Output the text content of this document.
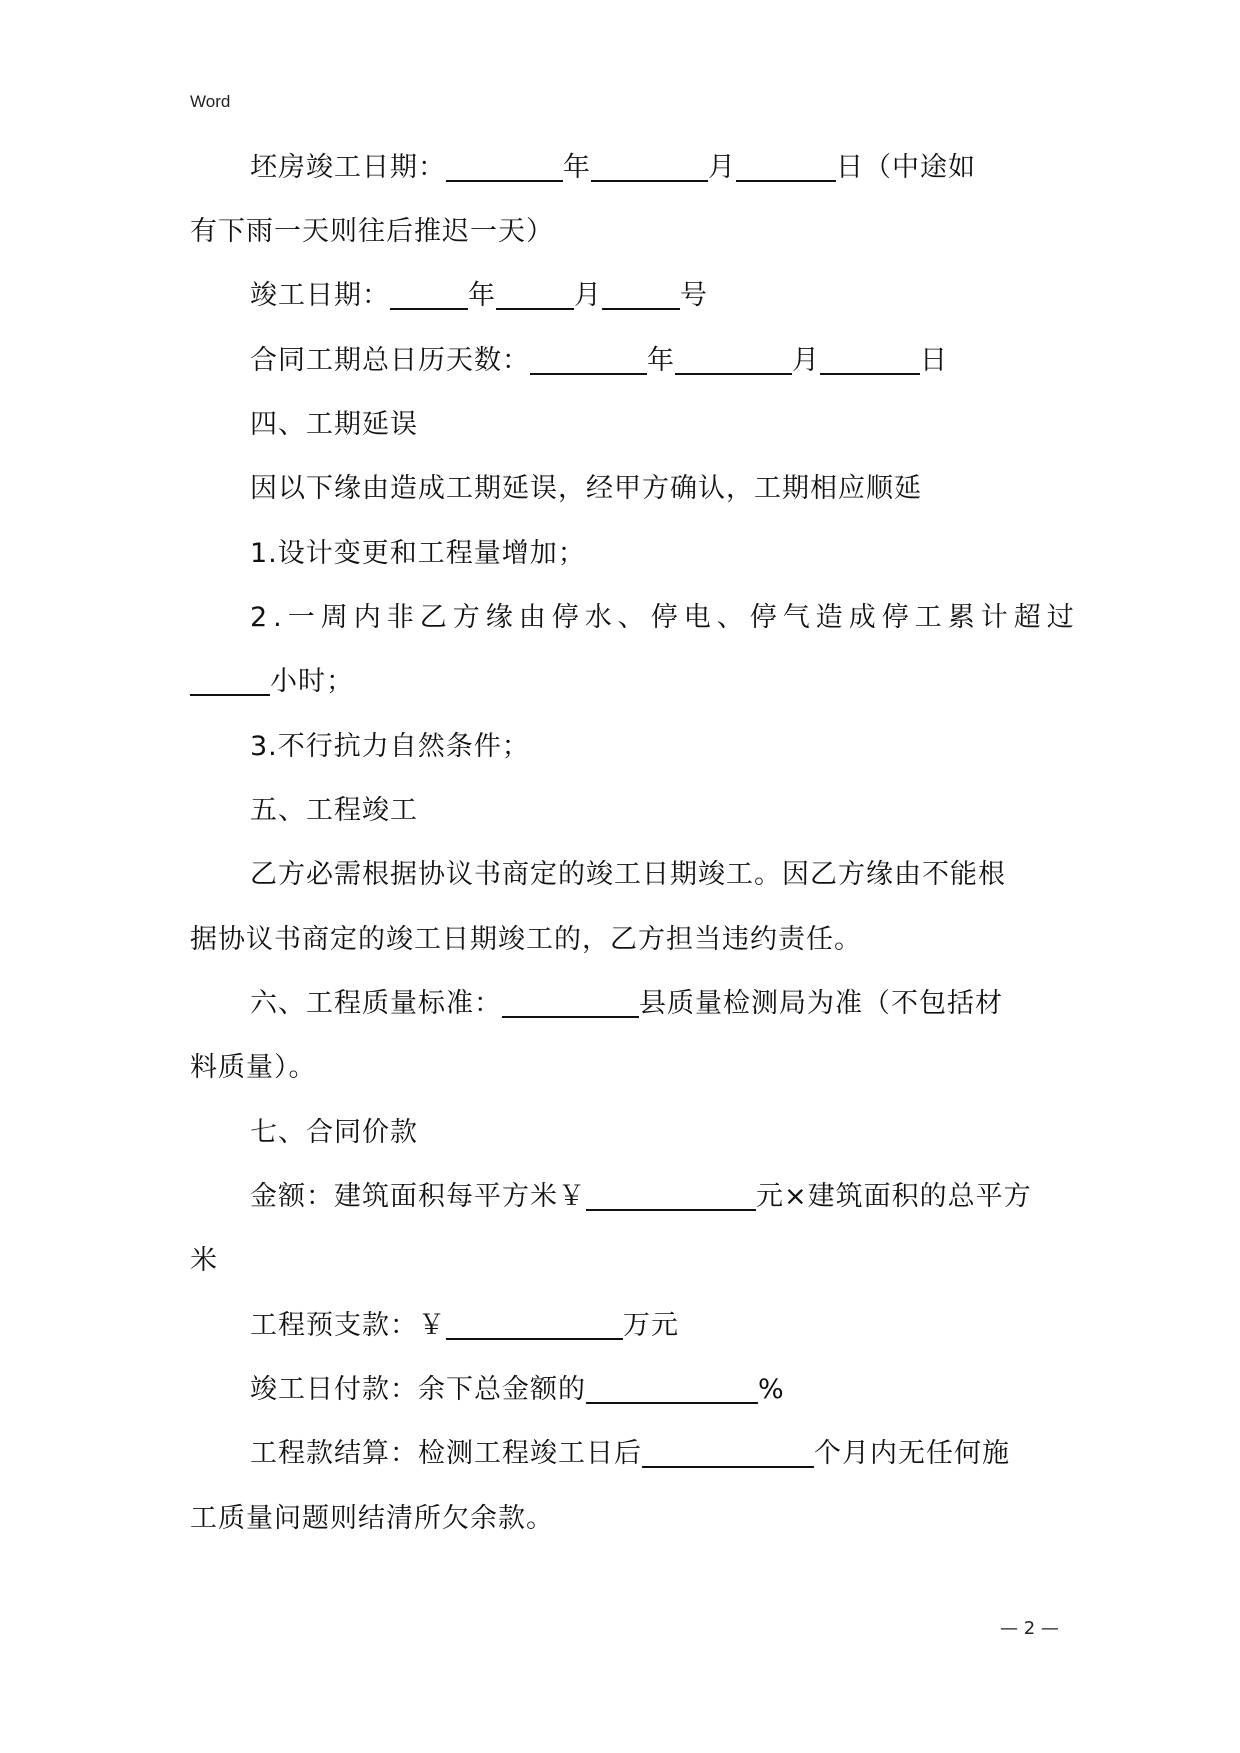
Word
坯房竣工日期：	年	月	日（中途如
有下雨一天则往后推迟一天）
竣工日期：	年	月	号
合同工期总日历天数：	年	月	日
四、工期延误
因以下缘由造成工期延误，经甲方确认，工期相应顺延
1.设计变更和工程量增加；
2.一周内非乙方缘由停水、停电、停气造成停工累计超过
小时；
3.不行抗力自然条件；
五、工程竣工
乙方必需根据协议书商定的竣工日期竣工。因乙方缘由不能根
据协议书商定的竣工日期竣工的，乙方担当违约责任。
六、工程质量标准：	县质量检测局为准（不包括材
料质量）。
七、合同价款
金额：建筑面积每平方米￥	元×建筑面积的总平方
米
工程预支款：￥	万元
竣工日付款：余下总金额的	%
工程款结算：检测工程竣工日后	个月内无任何施
工质量问题则结清所欠余款。
— 2 —
